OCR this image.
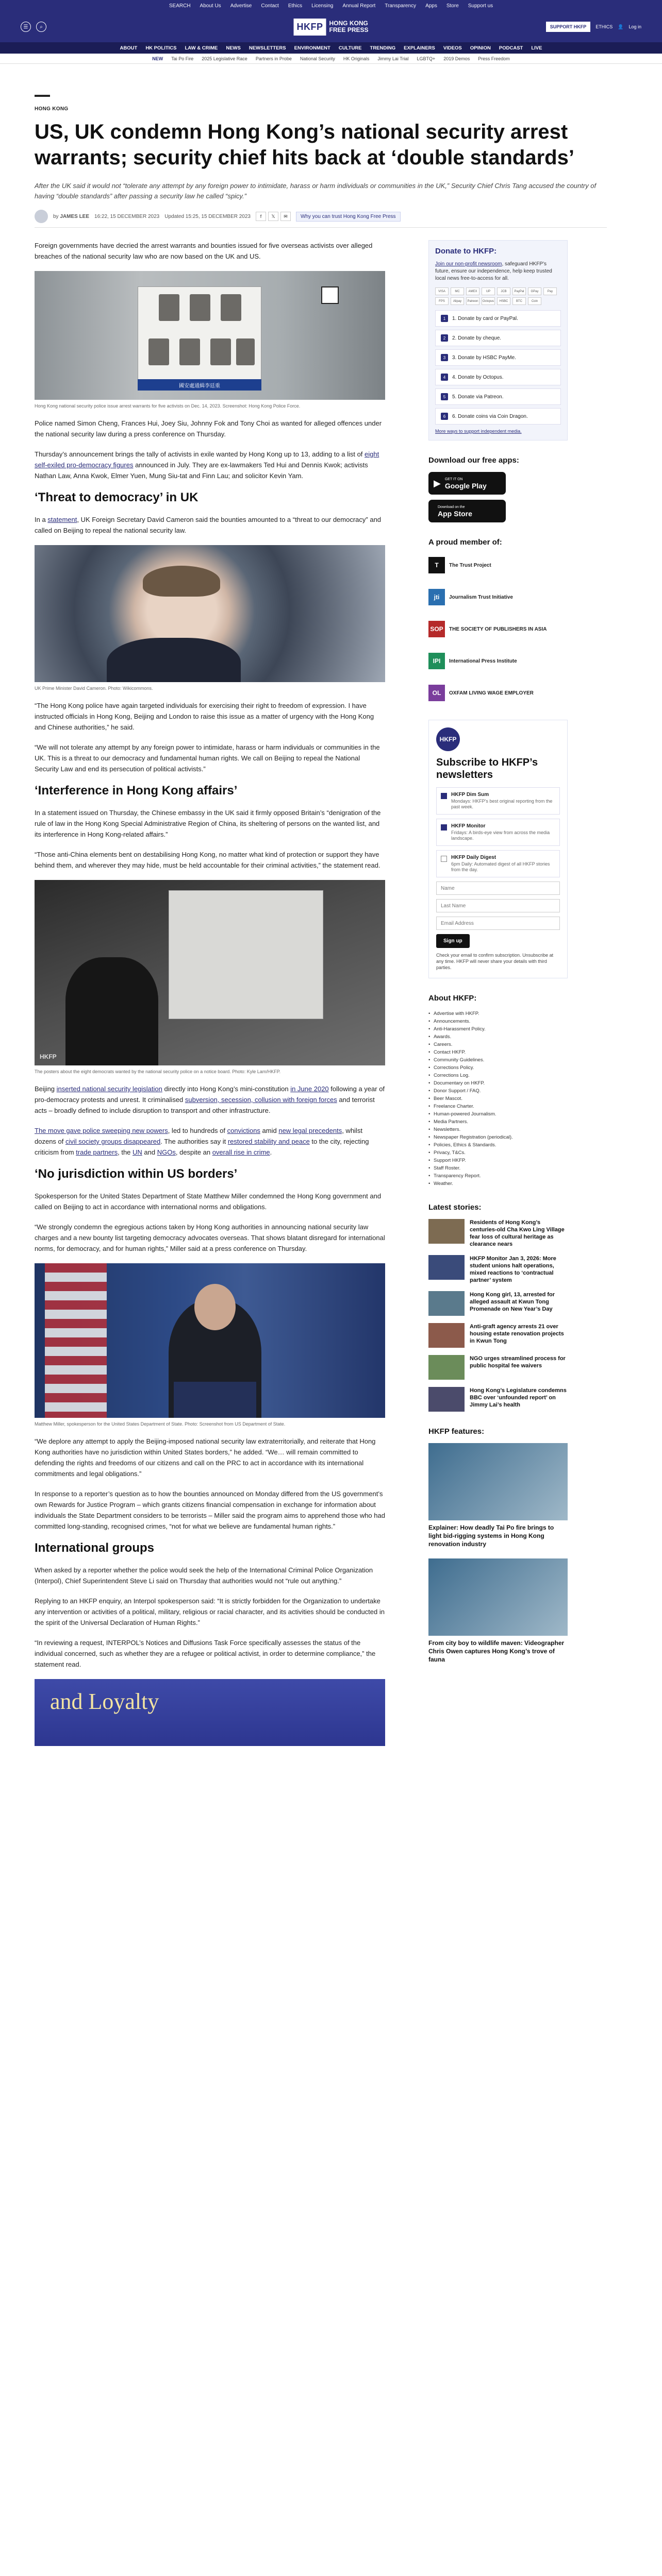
SEARCH About Us Advertise Contact Ethics Licensing Annual Report Transparency Apps Store Support us
☰	⌕	HKFP	HONG KONG
FREE PRESS	SUPPORT HKFP	ETHICS 👤 Log in
ABOUT HK POLITICS LAW & CRIME NEWS NEWSLETTERS ENVIRONMENT CULTURE TRENDING EXPLAINERS VIDEOS OPINION PODCAST LIVE
NEW Tai Po Fire 2025 Legislative Race Partners in Probe National Security HK Originals Jimmy Lai Trial LGBTQ+ 2019 Demos Press Freedom
HONG KONG
US, UK condemn Hong Kong’s national security arrest warrants; security chief hits back at ‘double standards’
After the UK said it would not “tolerate any attempt by any foreign power to intimidate, harass or harm individuals or communities in the UK,” Security Chief Chris Tang accused the country of having “double standards” after passing a security law he called “spicy.”
by JAMES LEE 16:22, 15 DECEMBER 2023 Updated 15:25, 15 DECEMBER 2023	f	𝕏	✉	Why you can trust Hong Kong Free Press

Foreign governments have decried the arrest warrants and bounties issued for five overseas activists over alleged breaches of the national security law who are now based on the UK and US.

國安處通緝李廷重
Hong Kong national security police issue arrest warrants for five activists on Dec. 14, 2023. Screenshot: Hong Kong Police Force.

Police named Simon Cheng, Frances Hui, Joey Siu, Johnny Fok and Tony Choi as wanted for alleged offences under the national security law during a press conference on Thursday.

Thursday’s announcement brings the tally of activists in exile wanted by Hong Kong up to 13, adding to a list of eight self-exiled pro-democracy figures announced in July. They are ex-lawmakers Ted Hui and Dennis Kwok; activists Nathan Law, Anna Kwok, Elmer Yuen, Mung Siu-tat and Finn Lau; and solicitor Kevin Yam.

‘Threat to democracy’ in UK

In a statement, UK Foreign Secretary David Cameron said the bounties amounted to a “threat to our democracy” and called on Beijing to repeal the national security law.

UK Prime Minister David Cameron. Photo: Wikicommons.

“The Hong Kong police have again targeted individuals for exercising their right to freedom of expression. I have instructed officials in Hong Kong, Beijing and London to raise this issue as a matter of urgency with the Hong Kong and Chinese authorities,” he said.

“We will not tolerate any attempt by any foreign power to intimidate, harass or harm individuals or communities in the UK. This is a threat to our democracy and fundamental human rights. We call on Beijing to repeal the National Security Law and end its persecution of political activists.”

‘Interference in Hong Kong affairs’

In a statement issued on Thursday, the Chinese embassy in the UK said it firmly opposed Britain’s “denigration of the rule of law in the Hong Kong Special Administrative Region of China, its sheltering of persons on the wanted list, and its interference in Hong Kong-related affairs.”

“Those anti-China elements bent on destabilising Hong Kong, no matter what kind of protection or support they have behind them, and wherever they may hide, must be held accountable for their criminal activities,” the statement read.

HKFP
The posters about the eight democrats wanted by the national security police on a notice board. Photo: Kyle Lam/HKFP.

Beijing inserted national security legislation directly into Hong Kong’s mini-constitution in June 2020 following a year of pro-democracy protests and unrest. It criminalised subversion, secession, collusion with foreign forces and terrorist acts – broadly defined to include disruption to transport and other infrastructure.

The move gave police sweeping new powers, led to hundreds of convictions amid new legal precedents, whilst dozens of civil society groups disappeared. The authorities say it restored stability and peace to the city, rejecting criticism from trade partners, the UN and NGOs, despite an overall rise in crime.

‘No jurisdiction within US borders’

Spokesperson for the United States Department of State Matthew Miller condemned the Hong Kong government and called on Beijing to act in accordance with international norms and obligations.

“We strongly condemn the egregious actions taken by Hong Kong authorities in announcing national security law charges and a new bounty list targeting democracy advocates overseas. That shows blatant disregard for international norms, for democracy, and for human rights,” Miller said at a press conference on Thursday.

Matthew Miller, spokesperson for the United States Department of State. Photo: Screenshot from US Department of State.

“We deplore any attempt to apply the Beijing-imposed national security law extraterritorially, and reiterate that Hong Kong authorities have no jurisdiction within United States borders,” he added. “We… will remain committed to defending the rights and freedoms of our citizens and call on the PRC to act in accordance with its international commitments and legal obligations.”

In response to a reporter’s question as to how the bounties announced on Monday differed from the US government’s own Rewards for Justice Program – which grants citizens financial compensation in exchange for information about individuals the State Department considers to be terrorists – Miller said the program aims to apprehend those who had committed long-standing, recognised crimes, “not for what we believe are fundamental human rights.”

International groups

When asked by a reporter whether the police would seek the help of the International Criminal Police Organization (Interpol), Chief Superintendent Steve Li said on Thursday that authorities would not “rule out anything.”

Replying to an HKFP enquiry, an Interpol spokesperson said: “It is strictly forbidden for the Organization to undertake any intervention or activities of a political, military, religious or racial character, and its activities should be conducted in the spirit of the Universal Declaration of Human Rights.”

“In reviewing a request, INTERPOL’s Notices and Diffusions Task Force specifically assesses the status of the individual concerned, such as whether they are a refugee or political activist, in order to determine compliance,” the statement read.

and Loyalty
Donate to HKFP:
Join our non-profit newsroom, safeguard HKFP’s future, ensure our independence, help keep trusted local news free-to-access for all.
VISA	MC	AMEX	UP	JCB	PayPal	GPay	Pay
FPS	Alipay	Patreon	Octopus	HSBC	BTC	Coin
1	1. Donate by card or PayPal.
2	2. Donate by cheque.
3	3. Donate by HSBC PayMe.
4	4. Donate by Octopus.
5	5. Donate via Patreon.
6	6. Donate coins via Coin Dragon.
More ways to support independent media.
Download our free apps:
▶ GET IT ON
Google Play
Download on the
App Store
A proud member of:
T	The Trust Project
jti	Journalism Trust Initiative
SOP	THE SOCIETY OF PUBLISHERS IN ASIA
IPI	International Press Institute
OL	OXFAM LIVING WAGE EMPLOYER
HKFP
Subscribe to HKFP’s newsletters
HKFP Dim Sum
Mondays: HKFP’s best original reporting from the past week.
HKFP Monitor
Fridays: A birds-eye view from across the media landscape.
HKFP Daily Digest
6pm Daily: Automated digest of all HKFP stories from the day.
Name Last Name Email Address Sign up
Check your email to confirm subscription. Unsubscribe at any time. HKFP will never share your details with third parties.
About HKFP:
• Advertise with HKFP.
• Announcements.
• Anti-Harassment Policy.
• Awards.
• Careers.
• Contact HKFP.
• Community Guidelines.
• Corrections Policy.
• Corrections Log.
• Documentary on HKFP.
• Donor Support / FAQ.
• Beer Mascot.
• Freelance Charter.
• Human-powered Journalism.
• Media Partners.
• Newsletters.
• Newspaper Registration (periodical).
• Policies, Ethics & Standards.
• Privacy, T&Cs.
• Support HKFP.
• Staff Roster.
• Transparency Report.
• Weather.
Latest stories:
Residents of Hong Kong’s centuries-old Cha Kwo Ling Village fear loss of cultural heritage as clearance nears
HKFP Monitor Jan 3, 2026: More student unions halt operations, mixed reactions to ‘contractual partner’ system
Hong Kong girl, 13, arrested for alleged assault at Kwun Tong Promenade on New Year’s Day
Anti-graft agency arrests 21 over housing estate renovation projects in Kwun Tong
NGO urges streamlined process for public hospital fee waivers
Hong Kong’s Legislature condemns BBC over ‘unfounded report’ on Jimmy Lai’s health
HKFP features:
Explainer: How deadly Tai Po fire brings to light bid-rigging systems in Hong Kong renovation industry
From city boy to wildlife maven: Videographer Chris Owen captures Hong Kong’s trove of fauna
